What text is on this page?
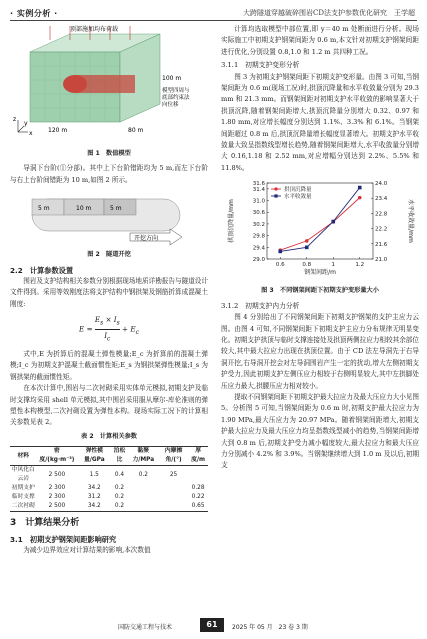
· 实例分析 ·	大跨隧道穿越破碎围岩CD法支护参数优化研究　王学超
z
x
y
顶部施加均布荷载
100 m
模型四周与
底部约束法
向位移
120 m	80 m
图 1　数值模型

导洞下台阶(①分部)。其中上下台阶错距均为 5 m,而左下台阶与右上台阶间错距为 10 m,如图 2 所示。

5 m	10 m	5 m
开挖方向
图 2　隧道开挖

2.2　计算参数设置

围岩及支护结构相关参数分别根据现场地质详勘报告与隧道设计文件得到。采用等效刚度法将支护结构中钢拱架及钢筋折算成混凝土刚度:

$E = \frac{E_s \times I_s}{I_c} + E_c$

式中,E 为折算后的混凝土弹性模量;E_c 为折算前的混凝土弹模;I_c 为初期支护混凝土截面惯性矩;E_s 为钢拱架弹性模量;I_s 为钢拱架的截面惯性矩。

在本次计算中,围岩与二次衬砌采用实体单元模拟,初期支护及临时支撑均采用 shell 单元模拟,其中围岩采用服从摩尔-库伦准则的弹塑性本构模型,二次衬砌设置为弹性本构。现场实际工况下的计算相关参数见表 2。

表 2　计算相关参数
材料	密度/(kg·m⁻³)	弹性模量/GPa	泊松比	黏聚力/MPa	内摩擦角/(°)	厚度/m
中风化白云岩	2 500	1.5	0.4	0.2	25	
初期支护	2 300	34.2	0.2			0.28
临时支撑	2 300	31.2	0.2			0.22
二次衬砌	2 500	34.2	0.2			0.65

3　计算结果分析

3.1　初期支护钢架间距影响研究

为减少边界效应对计算结果的影响,本次数值

计算均选取模型中部位置,即 y＝40 m 处断面进行分析。现场实际施工中初期支护钢架间距为 0.6 m,本文针对初期支护钢架间距进行优化,分别设置 0.8,1.0 和 1.2 m 共四种工况。

3.1.1　初期支护变形分析

图 3 为初期支护钢架间距下初期支护变形量。由图 3 可知,当钢架间距为 0.6 m(现场工况)时,拱顶沉降量和水平收敛量分别为 29.3 mm 和 21.3 mm。而钢架间距对初期支护水平收敛的影响显著大于拱顶沉降,随着钢架间距增大,拱顶沉降量分别增大 0.32、0.97 和 1.80 mm,对应增长幅度分别达到 1.1%、3.3% 和 6.1%。当钢架间距超过 0.8 m 后,拱顶沉降量增长幅度显著增大。初期支护水平收敛量大致呈指数线型增长趋势,随着钢架间距增大,水平收敛量分别增大 0.16,1.18 和 2.52 mm,对应增幅分别达到 2.2%、5.5% 和 11.8%。

29.0
29.4
29.8
30.2
30.6
31.0
31.4
31.6
21.0
21.6
22.2
22.8
23.4
24.0
0.6	0.8	1	1.2
钢架间距/m
拱顶沉降量/mm	水平收敛量/mm
拱顶沉降量
水平收敛量
图 3　不同钢架间距下初期支护变形量大小

3.1.2　初期支护内力分析

图 4 分别给出了不同钢架间距下初期支护钢架的支护主应力云图。由图 4 可知,不同钢架间距下初期支护主应力分布规律无明显变化。初期支护拱顶与临时支撑连接处及拱顶两侧拉应力相较其余部位较大,其中最大拉应力出现在拱顶位置。由于 CD 法左导洞先于右导洞开挖,右导洞开挖会对左导洞围岩产生一定的扰动,增大左侧初期支护受力,因此初期支护左侧压应力相较于右侧明显较大,其中左拱脚处压应力最大,拱腰压应力相对较小。

提取不同钢架间距下初期支护最大拉应力及最大压应力大小见图 5。分析图 5 可知,当钢架间距为 0.6 m 时,初期支护最大拉应力为 1.90 MPa,最大压应力为 20.97 MPa。随着钢架间距增大,初期支护最大拉应力及最大压应力均呈指数线型减小的趋势,当钢架间距增大到 0.8 m 后,初期支护受力减小幅度较大,最大拉应力和最大压应力分别减小 4.2% 和 3.9%。当钢架继续增大到 1.0 m 及以后,初期支

国防交通工程与技术	61	2025 年 05 月　23 卷 3 期
